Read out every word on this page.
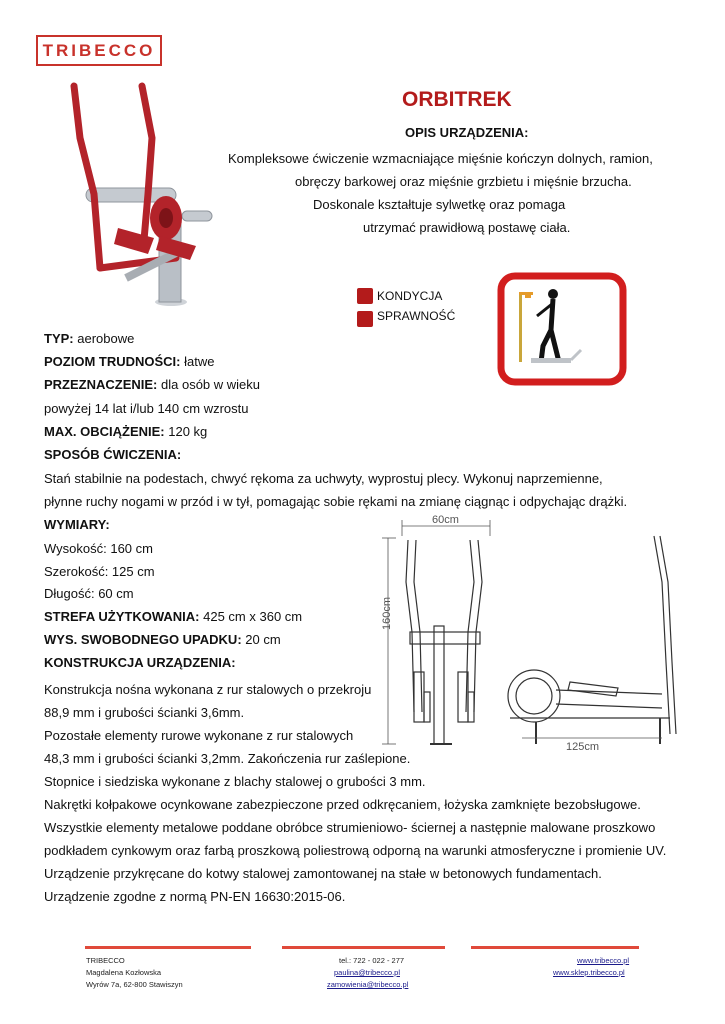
TRIBECCO
ORBITREK
OPIS URZĄDZENIA:
Kompleksowe ćwiczenie wzmacniające mięśnie kończyn dolnych, ramion,
obręczy barkowej oraz mięśnie grzbietu i mięśnie brzucha.
Doskonale kształtuje sylwetkę oraz pomaga
utrzymać prawidłową postawę ciała.
KONDYCJA
SPRAWNOŚĆ
TYP: aerobowe
POZIOM TRUDNOŚCI: łatwe
PRZEZNACZENIE: dla osób w wieku
powyżej 14 lat i/lub 140 cm wzrostu
MAX. OBCIĄŻENIE: 120 kg
SPOSÓB ĆWICZENIA:
Stań stabilnie na podestach, chwyć rękoma za uchwyty, wyprostuj plecy. Wykonuj naprzemienne,
płynne ruchy nogami w przód i w tył, pomagając sobie rękami na zmianę ciągnąc i odpychając drążki.
WYMIARY:
Wysokość: 160 cm
Szerokość: 125 cm
Długość: 60 cm
STREFA UŻYTKOWANIA: 425 cm x 360 cm
WYS. SWOBODNEGO UPADKU: 20 cm
KONSTRUKCJA URZĄDZENIA:
Konstrukcja nośna wykonana z rur stalowych o przekroju
88,9 mm i grubości ścianki 3,6mm.
Pozostałe elementy rurowe wykonane z rur stalowych
48,3 mm i grubości ścianki 3,2mm. Zakończenia rur zaślepione.
Stopnice i siedziska wykonane z blachy stalowej o grubości 3 mm.
Nakrętki kołpakowe ocynkowane zabezpieczone przed odkręcaniem, łożyska zamknięte bezobsługowe.
Wszystkie elementy metalowe poddane obróbce strumieniowo- ściernej a następnie malowane proszkowo
podkładem cynkowym oraz farbą proszkową poliestrową odporną na warunki atmosferyczne i promienie UV.
Urządzenie przykręcane do kotwy stalowej zamontowanej na stałe w betonowych fundamentach.
Urządzenie zgodne z normą PN-EN 16630:2015-06.
60cm
160cm
125cm
TRIBECCO
Magdalena Kozłowska
Wyrów 7a, 62-800 Stawiszyn
tel.: 722 - 022 - 277
paulina@tribecco.pl
zamowienia@tribecco.pl
www.tribecco.pl
www.sklep.tribecco.pl
